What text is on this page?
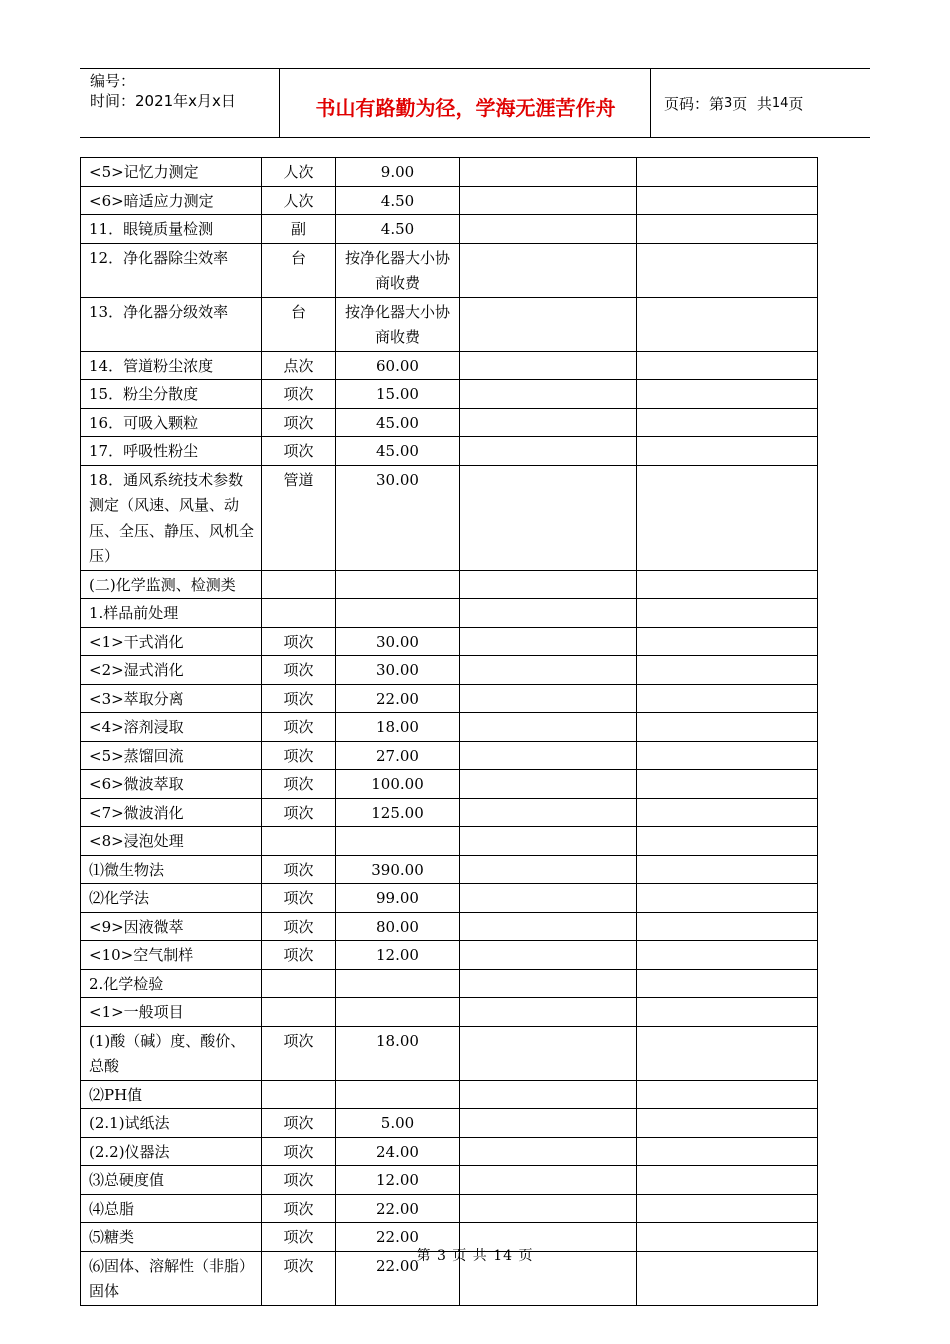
编号：
时间：2021年x月x日	书山有路勤为径，学海无涯苦作舟	页码：第 3 页  共 14 页
<5>记忆力测定	人次	9.00		
<6>暗适应力测定	人次	4.50		
11．眼镜质量检测	副	4.50		
12．净化器除尘效率	台	按净化器大小协商收费		
13．净化器分级效率	台	按净化器大小协商收费		
14．管道粉尘浓度	点次	60.00		
15．粉尘分散度	项次	15.00		
16．可吸入颗粒	项次	45.00		
17．呼吸性粉尘	项次	45.00		
18．通风系统技术参数测定（风速、风量、动压、全压、静压、风机全压）	管道	30.00		
(二)化学监测、检测类				
1.样品前处理				
<1>干式消化	项次	30.00		
<2>湿式消化	项次	30.00		
<3>萃取分离	项次	22.00		
<4>溶剂浸取	项次	18.00		
<5>蒸馏回流	项次	27.00		
<6>微波萃取	项次	100.00		
<7>微波消化	项次	125.00		
<8>浸泡处理				
⑴微生物法	项次	390.00		
⑵化学法	项次	99.00		
<9>因液微萃	项次	80.00		
<10>空气制样	项次	12.00		
2.化学检验				
<1>一般项目				
(1)酸（碱）度、酸价、总酸	项次	18.00		
⑵PH值				
(2.1)试纸法	项次	5.00		
(2.2)仪器法	项次	24.00		
⑶总硬度值	项次	12.00		
⑷总脂	项次	22.00		
⑸糖类	项次	22.00		
⑹固体、溶解性（非脂）固体	项次	22.00		
第 3 页 共 14 页
